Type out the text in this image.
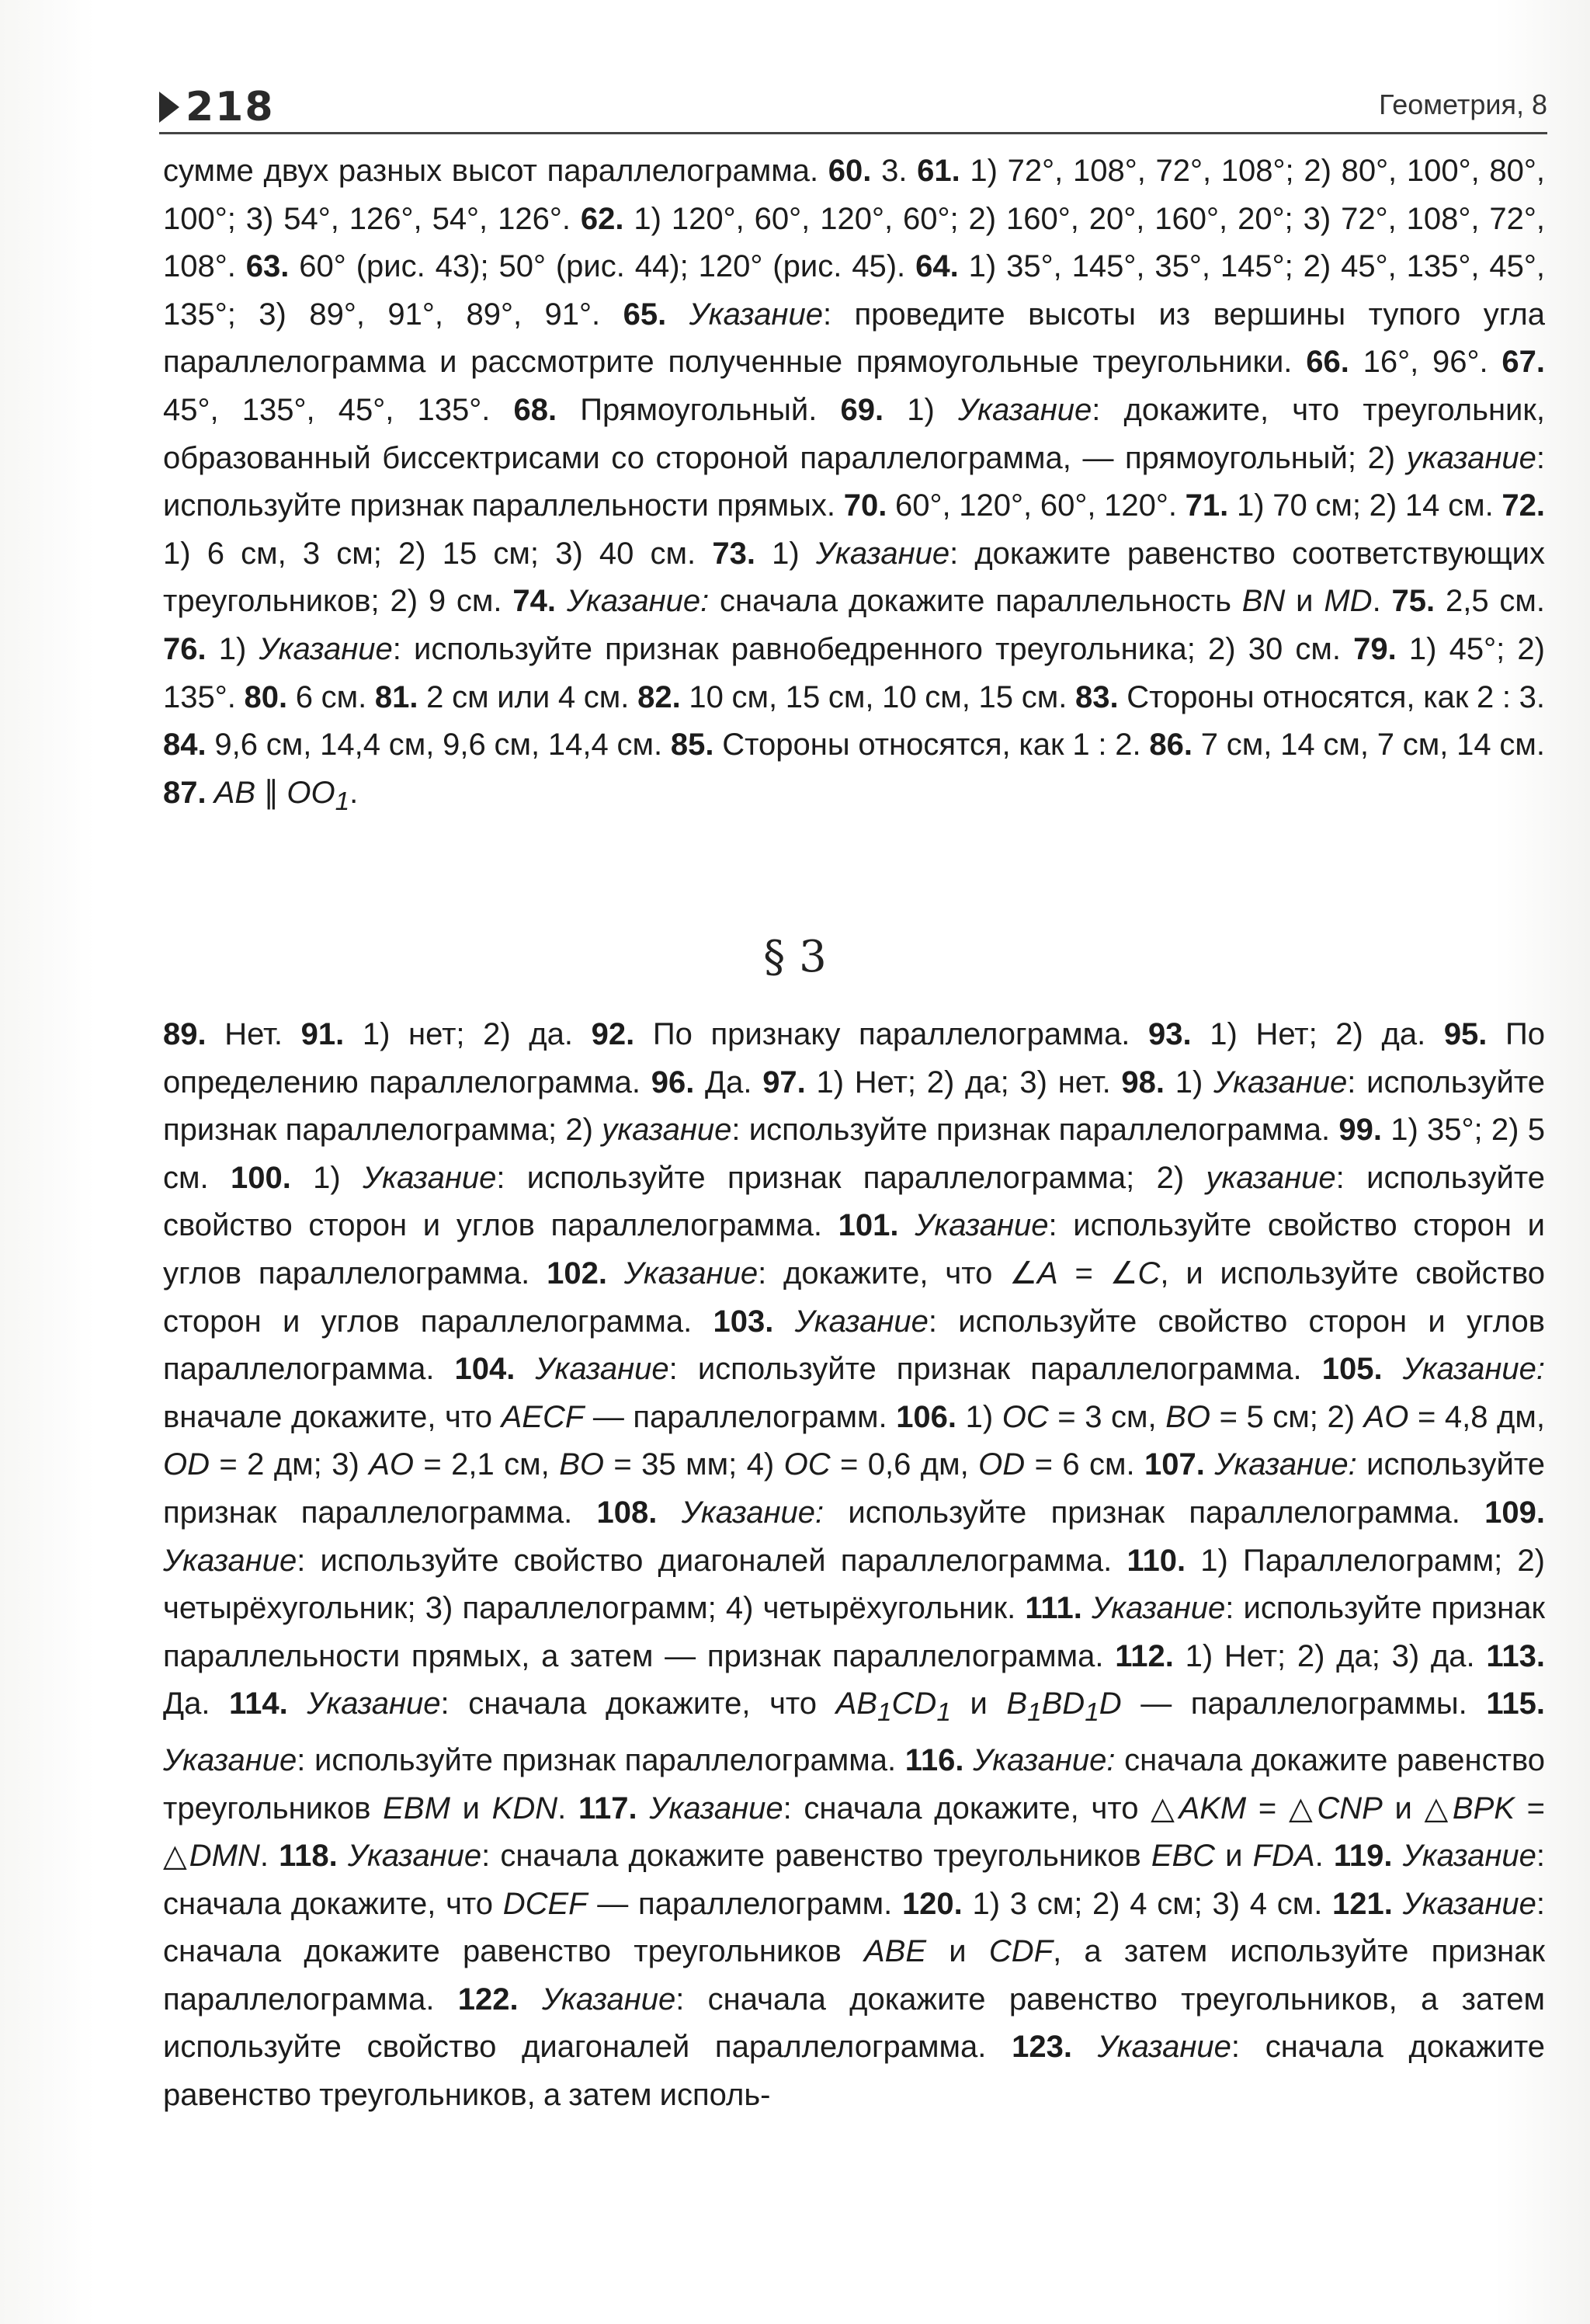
218	Геометрия, 8
сумме двух разных высот параллелограмма. 60. 3. 61. 1) 72°, 108°, 72°, 108°; 2) 80°, 100°, 80°, 100°; 3) 54°, 126°, 54°, 126°. 62. 1) 120°, 60°, 120°, 60°; 2) 160°, 20°, 160°, 20°; 3) 72°, 108°, 72°, 108°. 63. 60° (рис. 43); 50° (рис. 44); 120° (рис. 45). 64. 1) 35°, 145°, 35°, 145°; 2) 45°, 135°, 45°, 135°; 3) 89°, 91°, 89°, 91°. 65. Указание: проведите высоты из вершины тупого угла параллелограмма и рассмотрите полученные прямоугольные треугольники. 66. 16°, 96°. 67. 45°, 135°, 45°, 135°. 68. Прямоугольный. 69. 1) Указание: докажите, что треугольник, образованный биссектрисами со стороной параллелограмма, — прямоугольный; 2) указание: используйте признак параллельности прямых. 70. 60°, 120°, 60°, 120°. 71. 1) 70 см; 2) 14 см. 72. 1) 6 см, 3 см; 2) 15 см; 3) 40 см. 73. 1) Указание: докажите равенство соответствующих треугольников; 2) 9 см. 74. Указание: сначала докажите параллельность BN и MD. 75. 2,5 см. 76. 1) Указание: используйте признак равнобедренного треугольника; 2) 30 см. 79. 1) 45°; 2) 135°. 80. 6 см. 81. 2 см или 4 см. 82. 10 см, 15 см, 10 см, 15 см. 83. Стороны относятся, как 2 : 3. 84. 9,6 см, 14,4 см, 9,6 см, 14,4 см. 85. Стороны относятся, как 1 : 2. 86. 7 см, 14 см, 7 см, 14 см. 87. AB ∥ $OO_1$.
§ 3
89. Нет. 91. 1) нет; 2) да. 92. По признаку параллелограмма. 93. 1) Нет; 2) да. 95. По определению параллелограмма. 96. Да. 97. 1) Нет; 2) да; 3) нет. 98. 1) Указание: используйте признак параллелограмма; 2) указание: используйте признак параллелограмма. 99. 1) 35°; 2) 5 см. 100. 1) Указание: используйте признак параллелограмма; 2) указание: используйте свойство сторон и углов параллелограмма. 101. Указание: используйте свойство сторон и углов параллелограмма. 102. Указание: докажите, что ∠A = ∠C, и используйте свойство сторон и углов параллелограмма. 103. Указание: используйте свойство сторон и углов параллелограмма. 104. Указание: используйте признак параллелограмма. 105. Указание: вначале докажите, что AECF — параллелограмм. 106. 1) OC = 3 см, BO = 5 см; 2) AO = 4,8 дм, OD = 2 дм; 3) AO = 2,1 см, BO = 35 мм; 4) OC = 0,6 дм, OD = 6 см. 107. Указание: используйте признак параллелограмма. 108. Указание: используйте признак параллелограмма. 109. Указание: используйте свойство диагоналей параллелограмма. 110. 1) Параллелограмм; 2) четырёхугольник; 3) параллелограмм; 4) четырёхугольник. 111. Указание: используйте признак параллельности прямых, а затем — признак параллелограмма. 112. 1) Нет; 2) да; 3) да. 113. Да. 114. Указание: сначала докажите, что $AB_1CD_1$ и $B_1BD_1D$ — параллелограммы. 115. Указание: используйте признак параллелограмма. 116. Указание: сначала докажите равенство треугольников EBM и KDN. 117. Указание: сначала докажите, что △AKM = △CNP и △BPK = △DMN. 118. Указание: сначала докажите равенство треугольников EBC и FDA. 119. Указание: сначала докажите, что DCEF — параллелограмм. 120. 1) 3 см; 2) 4 см; 3) 4 см. 121. Указание: сначала докажите равенство треугольников ABE и CDF, а затем используйте признак параллелограмма. 122. Указание: сначала докажите равенство треугольников, а затем используйте свойство диагоналей параллелограмма. 123. Указание: сначала докажите равенство треугольников, а затем исполь-
